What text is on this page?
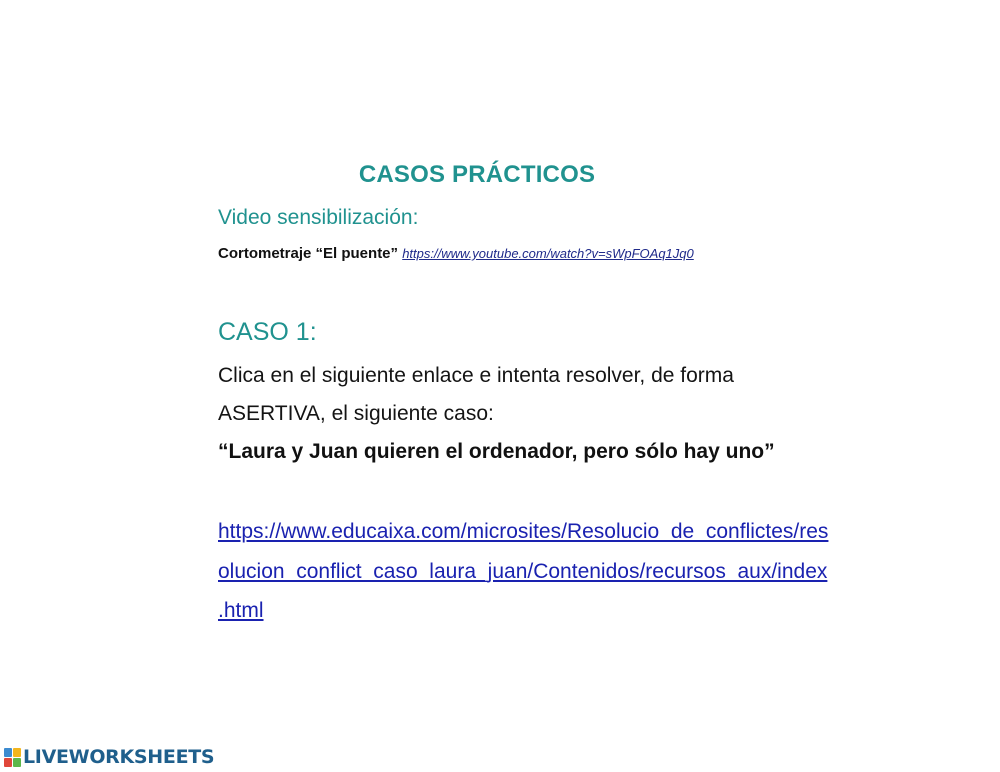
CASOS PRÁCTICOS
Video sensibilización:
Cortometraje “El puente” https://www.youtube.com/watch?v=sWpFOAq1Jq0
CASO 1:
Clica en el siguiente enlace e intenta resolver, de forma
ASERTIVA, el siguiente caso:
“Laura y Juan quieren el ordenador, pero sólo hay uno”
https://www.educaixa.com/microsites/Resolucio_de_conflictes/res
olucion_conflict_caso_laura_juan/Contenidos/recursos_aux/index
.html
LIVEWORKSHEETS
